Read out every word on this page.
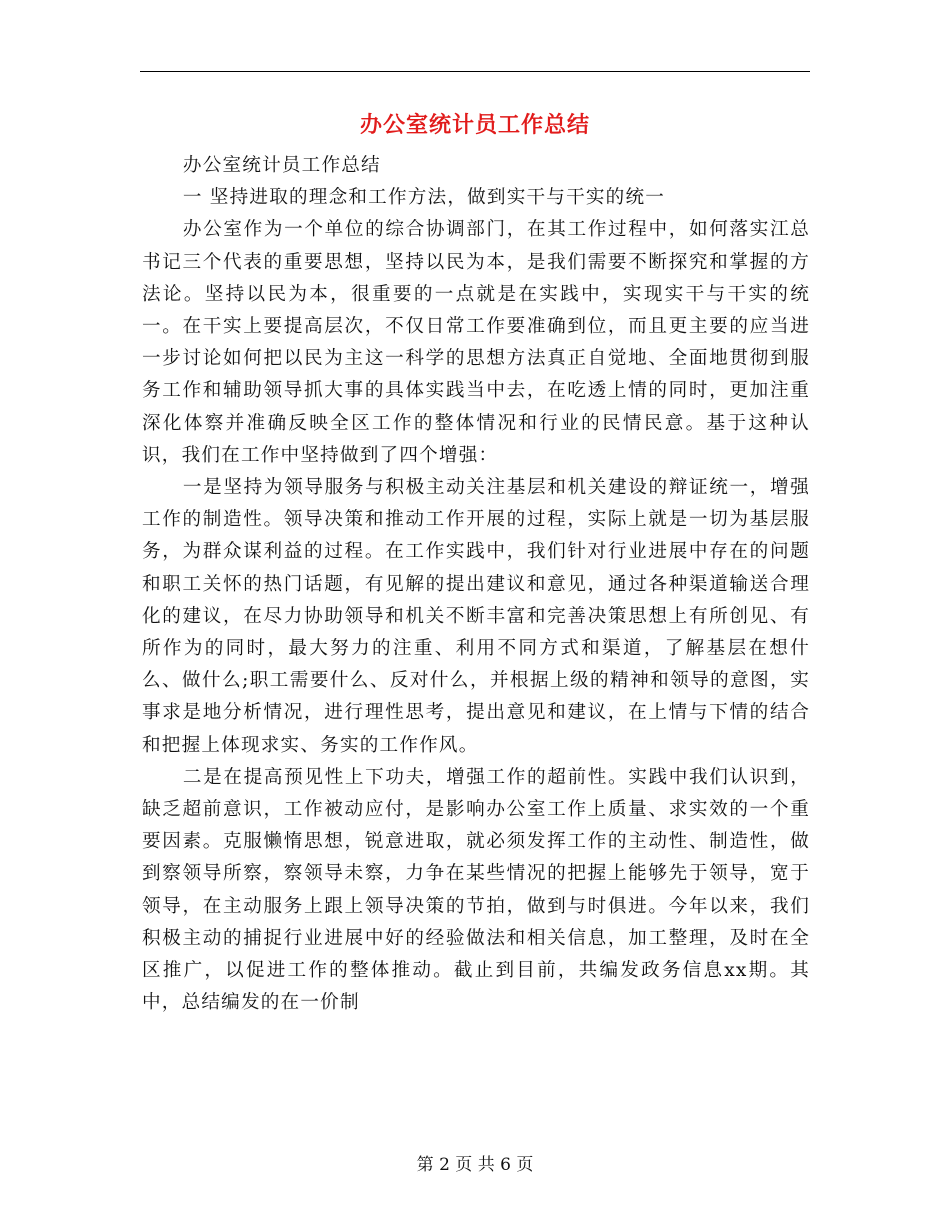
办公室统计员工作总结

办公室统计员工作总结

一 坚持进取的理念和工作方法，做到实干与干实的统一

办公室作为一个单位的综合协调部门，在其工作过程中，如何落实江总书记三个代表的重要思想，坚持以民为本，是我们需要不断探究和掌握的方法论。坚持以民为本，很重要的一点就是在实践中，实现实干与干实的统一。在干实上要提高层次，不仅日常工作要准确到位，而且更主要的应当进一步讨论如何把以民为主这一科学的思想方法真正自觉地、全面地贯彻到服务工作和辅助领导抓大事的具体实践当中去，在吃透上情的同时，更加注重深化体察并准确反映全区工作的整体情况和行业的民情民意。基于这种认识，我们在工作中坚持做到了四个增强：

一是坚持为领导服务与积极主动关注基层和机关建设的辩证统一，增强工作的制造性。领导决策和推动工作开展的过程，实际上就是一切为基层服务，为群众谋利益的过程。在工作实践中，我们针对行业进展中存在的问题和职工关怀的热门话题，有见解的提出建议和意见，通过各种渠道输送合理化的建议，在尽力协助领导和机关不断丰富和完善决策思想上有所创见、有所作为的同时，最大努力的注重、利用不同方式和渠道，了解基层在想什么、做什么;职工需要什么、反对什么，并根据上级的精神和领导的意图，实事求是地分析情况，进行理性思考，提出意见和建议，在上情与下情的结合和把握上体现求实、务实的工作作风。

二是在提高预见性上下功夫，增强工作的超前性。实践中我们认识到，缺乏超前意识，工作被动应付，是影响办公室工作上质量、求实效的一个重要因素。克服懒惰思想，锐意进取，就必须发挥工作的主动性、制造性，做到察领导所察，察领导未察，力争在某些情况的把握上能够先于领导，宽于领导，在主动服务上跟上领导决策的节拍，做到与时俱进。今年以来，我们积极主动的捕捉行业进展中好的经验做法和相关信息，加工整理，及时在全区推广，以促进工作的整体推动。截止到目前，共编发政务信息xx期。其中，总结编发的在一价制

第 2 页 共 6 页
